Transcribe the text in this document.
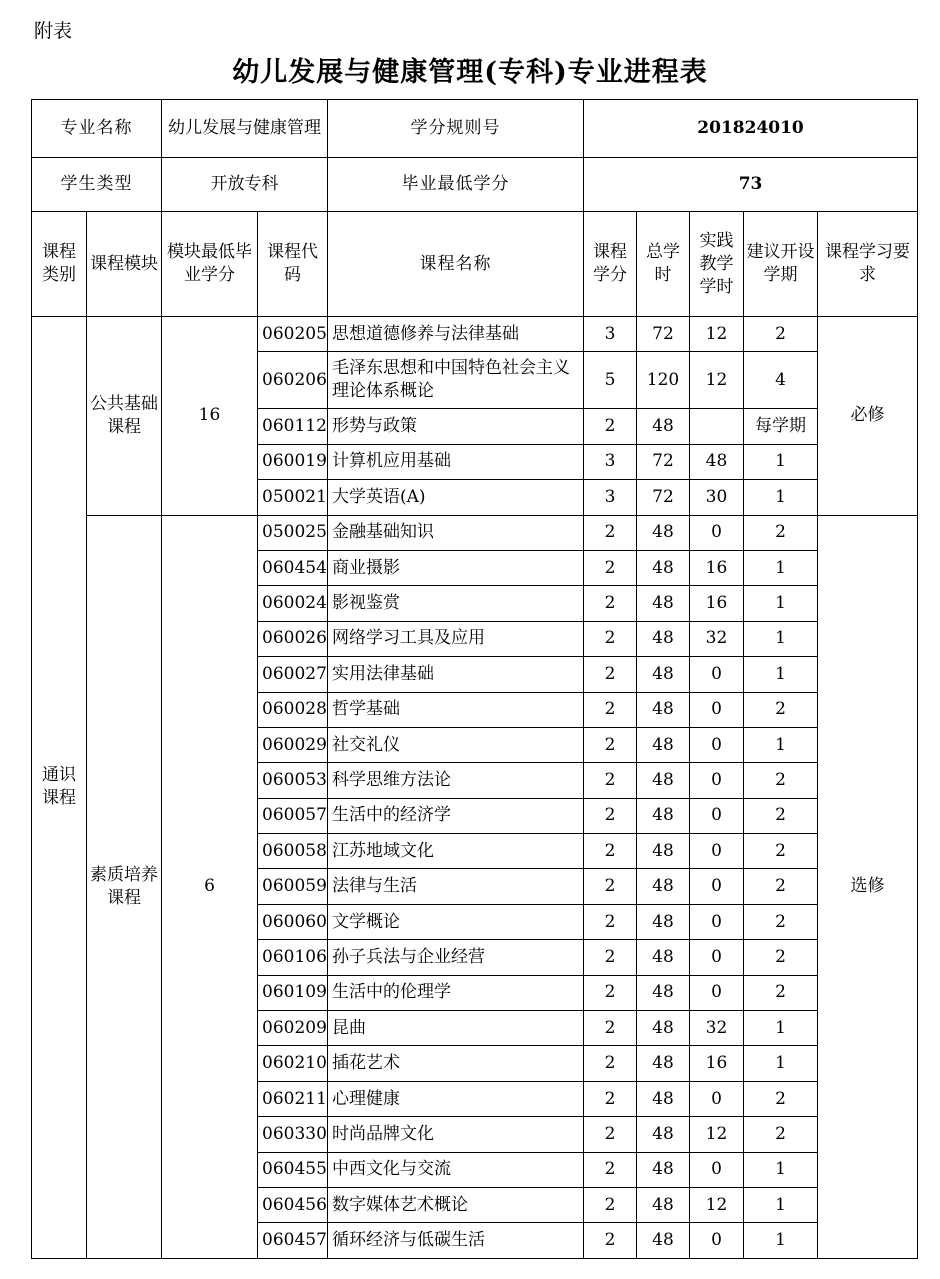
附表
幼儿发展与健康管理(专科)专业进程表
专业名称		幼儿发展与健康管理		学分规则号	201824010				
学生类型		开放专科		毕业最低学分	73				
课程类别	课程模块	模块最低毕业学分	课程代码	课程名称	课程学分	总学时	实践教学学时	建议开设学期	课程学习要求
通识课程	公共基础课程	16	060205	思想道德修养与法律基础	3	72	12	2	必修
			060206	毛泽东思想和中国特色社会主义理论体系概论	5	120	12	4	
			060112	形势与政策	2	48		每学期	
			060019	计算机应用基础	3	72	48	1	
			050021	大学英语(A)	3	72	30	1	
	素质培养课程	6	050025	金融基础知识	2	48	0	2	选修
			060454	商业摄影	2	48	16	1	
			060024	影视鉴赏	2	48	16	1	
			060026	网络学习工具及应用	2	48	32	1	
			060027	实用法律基础	2	48	0	1	
			060028	哲学基础	2	48	0	2	
			060029	社交礼仪	2	48	0	1	
			060053	科学思维方法论	2	48	0	2	
			060057	生活中的经济学	2	48	0	2	
			060058	江苏地域文化	2	48	0	2	
			060059	法律与生活	2	48	0	2	
			060060	文学概论	2	48	0	2	
			060106	孙子兵法与企业经营	2	48	0	2	
			060109	生活中的伦理学	2	48	0	2	
			060209	昆曲	2	48	32	1	
			060210	插花艺术	2	48	16	1	
			060211	心理健康	2	48	0	2	
			060330	时尚品牌文化	2	48	12	2	
			060455	中西文化与交流	2	48	0	1	
			060456	数字媒体艺术概论	2	48	12	1	
			060457	循环经济与低碳生活	2	48	0	1	
